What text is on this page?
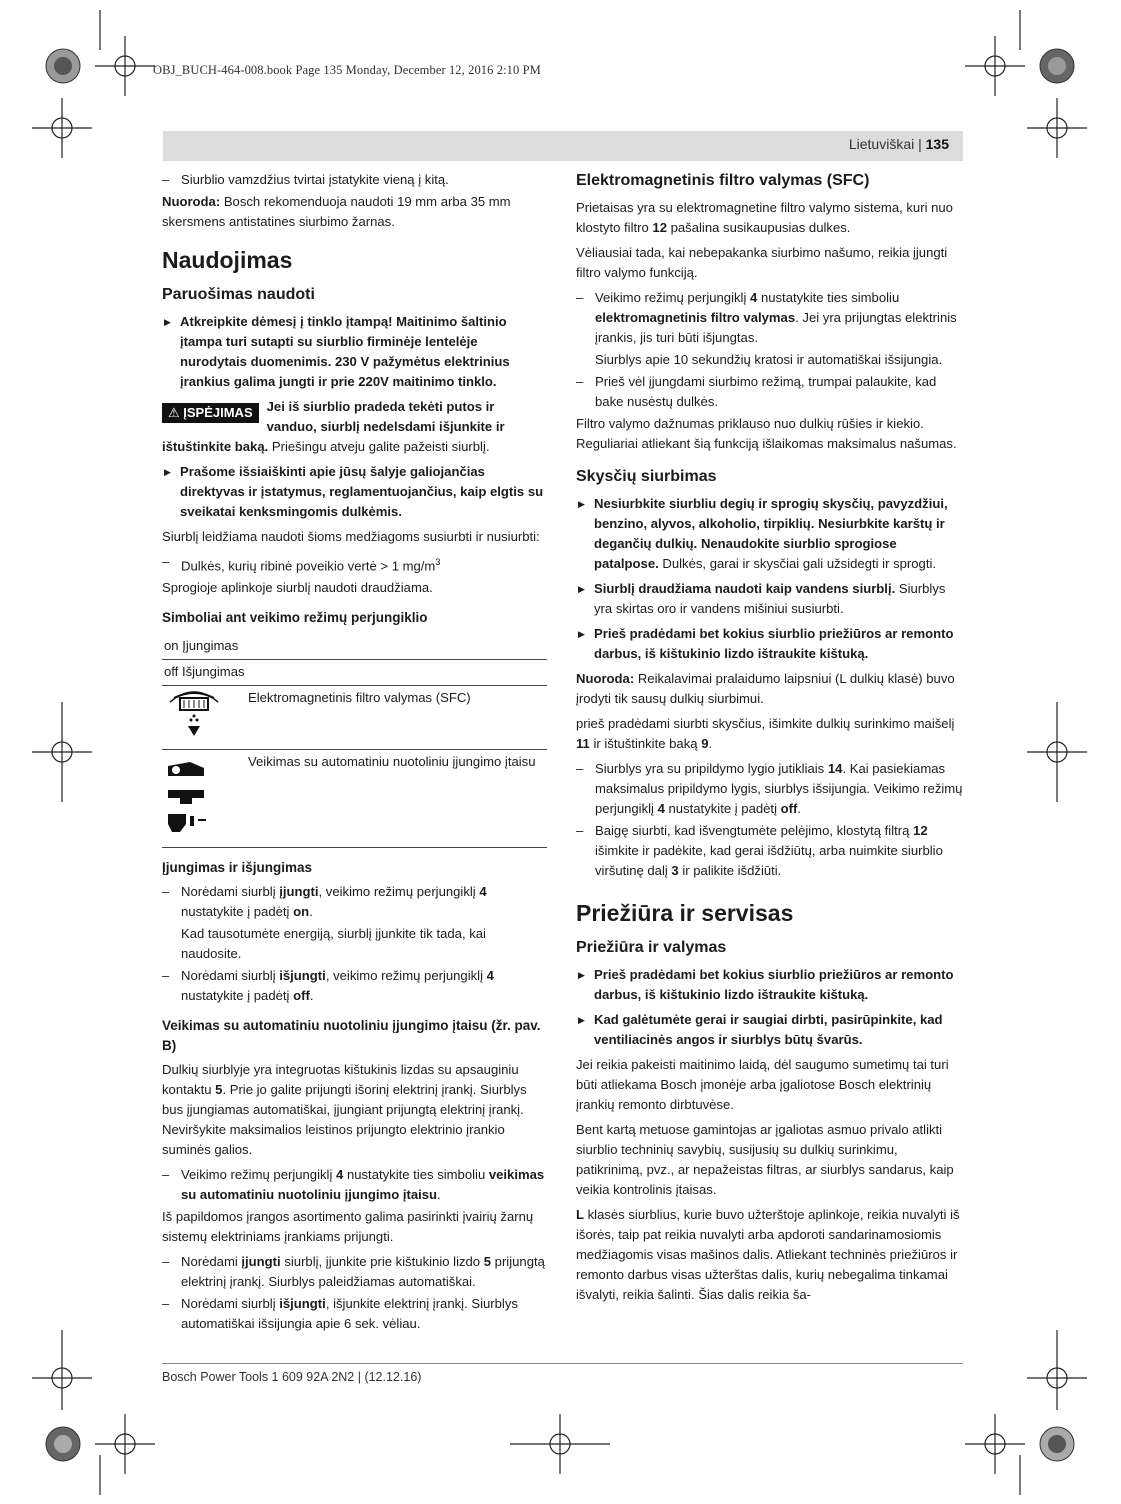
OBJ_BUCH-464-008.book Page 135 Monday, December 12, 2016 2:10 PM
Lietuviškai | 135
– Siurblio vamzdžius tvirtai įstatykite vieną į kitą.

Nuoroda: Bosch rekomenduoja naudoti 19 mm arba 35 mm skersmens antistatines siurbimo žarnas.

Naudojimas
Paruošimas naudoti
▶ Atkreipkite dėmesį į tinklo įtampą! Maitinimo šaltinio įtampa turi sutapti su siurblio firminėje lentelėje nurodytais duomenimis. 230 V pažymėtus elektrinius įrankius galima jungti ir prie 220V maitinimo tinklo.
⚠ ĮSPĖJIMAS	Jei iš siurblio pradeda tekėti putos ir vanduo, siurblį nedelsdami išjunkite ir ištuštinkite baką. Priešingu atveju galite pažeisti siurblį.
▶ Prašome išsiaiškinti apie jūsų šalyje galiojančias direktyvas ir įstatymus, reglamentuojančius, kaip elgtis su sveikatai kenksmingomis dulkėmis.

Siurblį leidžiama naudoti šioms medžiagoms susiurbti ir nusiurbti:

– Dulkės, kurių ribinė poveikio vertė > 1 $mg/m^3$

Sprogioje aplinkoje siurblį naudoti draudžiama.

Simboliai ant veikimo režimų perjungiklio
on Įjungimas	
off Išjungimas	

	Elektromagnetinis filtro valymas (SFC)

	Veikimas su automatiniu nuotoliniu įjungimo įtaisu
Įjungimas ir išjungimas
– Norėdami siurblį įjungti, veikimo režimų perjungiklį 4 nustatykite į padėtį on.
Kad tausotumėte energiją, siurblį įjunkite tik tada, kai naudosite.
– Norėdami siurblį išjungti, veikimo režimų perjungiklį 4 nustatykite į padėtį off.
Veikimas su automatiniu nuotoliniu įjungimo įtaisu (žr. pav. B)

Dulkių siurblyje yra integruotas kištukinis lizdas su apsauginiu kontaktu 5. Prie jo galite prijungti išorinį elektrinį įrankį. Siurblys bus įjungiamas automatiškai, įjungiant prijungtą elektrinį įrankį. Neviršykite maksimalios leistinos prijungto elektrinio įrankio suminės galios.

– Veikimo režimų perjungiklį 4 nustatykite ties simboliu veikimas su automatiniu nuotoliniu įjungimo įtaisu.

Iš papildomos įrangos asortimento galima pasirinkti įvairių žarnų sistemų elektriniams įrankiams prijungti.

– Norėdami įjungti siurblį, įjunkite prie kištukinio lizdo 5 prijungtą elektrinį įrankį. Siurblys paleidžiamas automatiškai.
– Norėdami siurblį išjungti, išjunkite elektrinį įrankį. Siurblys automatiškai išsijungia apie 6 sek. vėliau.
Elektromagnetinis filtro valymas (SFC)

Prietaisas yra su elektromagnetine filtro valymo sistema, kuri nuo klostyto filtro 12 pašalina susikaupusias dulkes.

Vėliausiai tada, kai nebepakanka siurbimo našumo, reikia įjungti filtro valymo funkciją.

– Veikimo režimų perjungiklį 4 nustatykite ties simboliu elektromagnetinis filtro valymas. Jei yra prijungtas elektrinis įrankis, jis turi būti išjungtas.
Siurblys apie 10 sekundžių kratosi ir automatiškai išsijungia.
– Prieš vėl įjungdami siurbimo režimą, trumpai palaukite, kad bake nusėstų dulkės.

Filtro valymo dažnumas priklauso nuo dulkių rūšies ir kiekio. Reguliariai atliekant šią funkciją išlaikomas maksimalus našumas.

Skysčių siurbimas
▶ Nesiurbkite siurbliu degių ir sprogių skysčių, pavyzdžiui, benzino, alyvos, alkoholio, tirpiklių. Nesiurbkite karštų ir degančių dulkių. Nenaudokite siurblio sprogiose patalpose. Dulkės, garai ir skysčiai gali užsidegti ir sprogti.
▶ Siurblį draudžiama naudoti kaip vandens siurblį. Siurblys yra skirtas oro ir vandens mišiniui susiurbti.
▶ Prieš pradėdami bet kokius siurblio priežiūros ar remonto darbus, iš kištukinio lizdo ištraukite kištuką.

Nuoroda: Reikalavimai pralaidumo laipsniui (L dulkių klasė) buvo įrodyti tik sausų dulkių siurbimui.

prieš pradėdami siurbti skysčius, išimkite dulkių surinkimo maišelį 11 ir ištuštinkite baką 9.

– Siurblys yra su pripildymo lygio jutikliais 14. Kai pasiekiamas maksimalus pripildymo lygis, siurblys išsijungia. Veikimo režimų perjungiklį 4 nustatykite į padėtį off.
– Baigę siurbti, kad išvengtumėte pelėjimo, klostytą filtrą 12 išimkite ir padėkite, kad gerai išdžiūtų, arba nuimkite siurblio viršutinę dalį 3 ir palikite išdžiūti.
Priežiūra ir servisas
Priežiūra ir valymas
▶ Prieš pradėdami bet kokius siurblio priežiūros ar remonto darbus, iš kištukinio lizdo ištraukite kištuką.
▶ Kad galėtumėte gerai ir saugiai dirbti, pasirūpinkite, kad ventiliacinės angos ir siurblys būtų švarūs.

Jei reikia pakeisti maitinimo laidą, dėl saugumo sumetimų tai turi būti atliekama Bosch įmonėje arba įgaliotose Bosch elektrinių įrankių remonto dirbtuvėse.

Bent kartą metuose gamintojas ar įgaliotas asmuo privalo atlikti siurblio techninių savybių, susijusių su dulkių surinkimu, patikrinimą, pvz., ar nepažeistas filtras, ar siurblys sandarus, kaip veikia kontrolinis įtaisas.

L klasės siurblius, kurie buvo užterštoje aplinkoje, reikia nuvalyti iš išorės, taip pat reikia nuvalyti arba apdoroti sandarinamosiomis medžiagomis visas mašinos dalis. Atliekant techninės priežiūros ir remonto darbus visas užterštas dalis, kurių nebegalima tinkamai išvalyti, reikia šalinti. Šias dalis reikia ša-

Bosch Power Tools 1 609 92A 2N2 | (12.12.16)
